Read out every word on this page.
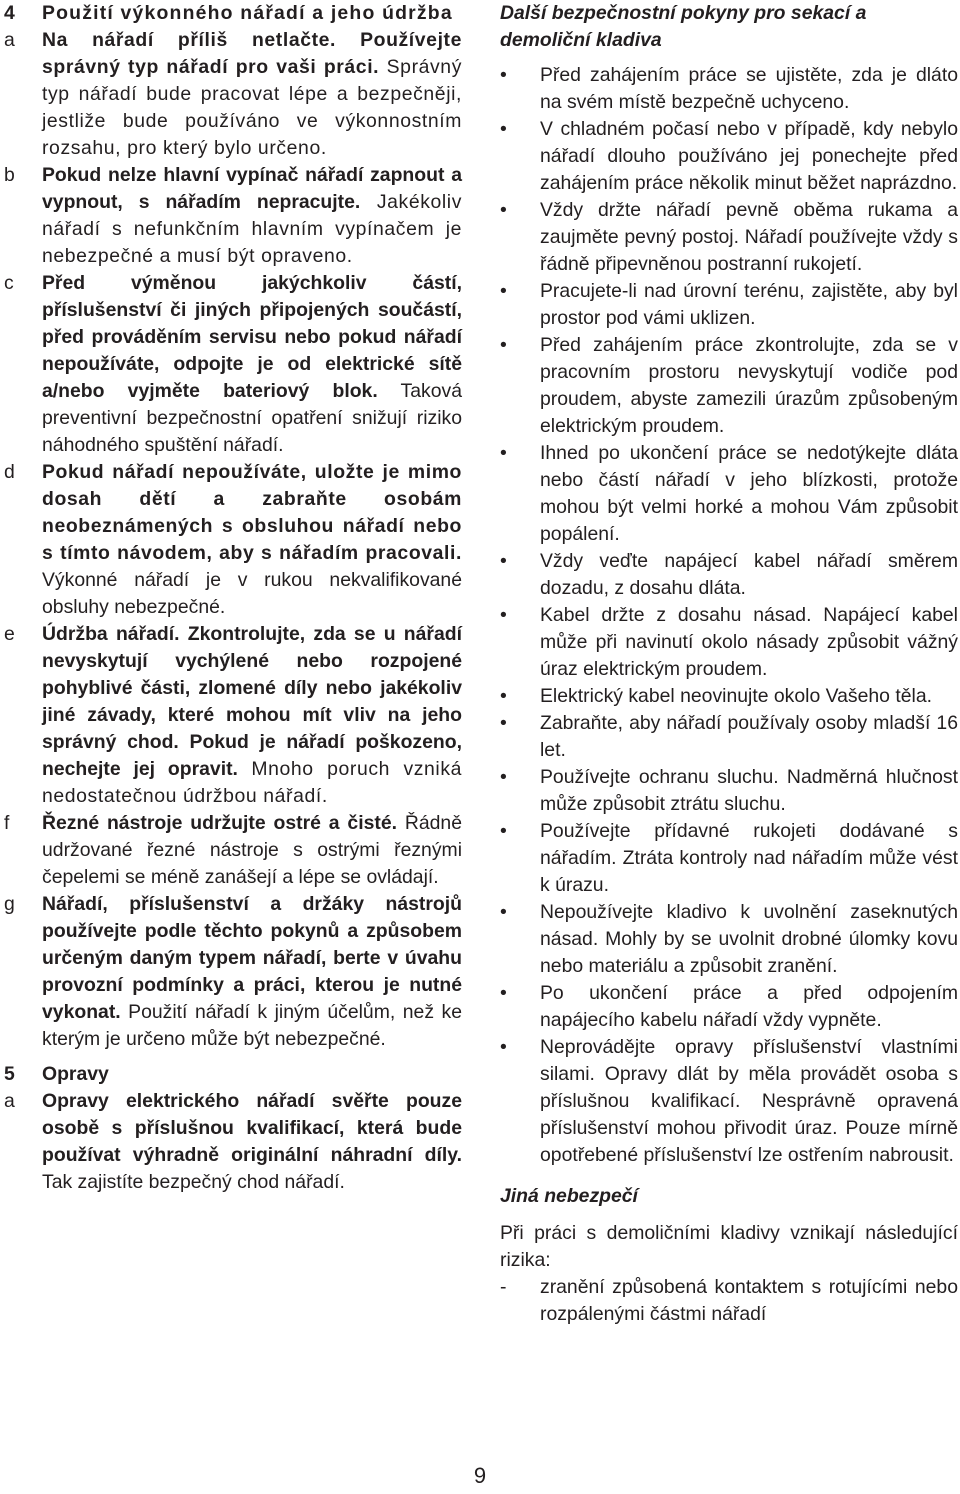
4	Použití výkonného nářadí a jeho údržba
a	Na nářadí příliš netlačte. Používejte správný typ nářadí pro vaši práci. Správný typ nářadí bude pracovat lépe a bezpečněji, jestliže bude používáno ve výkonnostním rozsahu, pro který bylo určeno.
b	Pokud nelze hlavní vypínač nářadí zapnout a vypnout, s nářadím nepracujte. Jakékoliv nářadí s nefunkčním hlavním vypínačem je nebezpečné a musí být opraveno.
c	Před výměnou jakýchkoliv částí, příslušenství či jiných připojených součástí, před prováděním servisu nebo pokud nářadí nepoužíváte, odpojte je od elektrické sítě a/nebo vyjměte bateriový blok. Taková preventivní bezpečnostní opatření snižují riziko náhodného spuštění nářadí.
d	Pokud nářadí nepoužíváte, uložte je mimo dosah dětí a zabraňte osobám neobeznámených s obsluhou nářadí nebo s tímto návodem, aby s nářadím pracovali. Výkonné nářadí je v rukou nekvalifikované obsluhy nebezpečné.
e	Údržba nářadí. Zkontrolujte, zda se u nářadí nevyskytují vychýlené nebo rozpojené pohyblivé části, zlomené díly nebo jakékoliv jiné závady, které mohou mít vliv na jeho správný chod. Pokud je nářadí poškozeno, nechejte jej opravit. Mnoho poruch vzniká nedostatečnou údržbou nářadí.
f	Řezné nástroje udržujte ostré a čisté. Řádně udržované řezné nástroje s ostrými řeznými čepelemi se méně zanášejí a lépe se ovládají.
g	Nářadí, příslušenství a držáky nástrojů používejte podle těchto pokynů a způsobem určeným daným typem nářadí, berte v úvahu provozní podmínky a práci, kterou je nutné vykonat. Použití nářadí k jiným účelům, než ke kterým je určeno může být nebezpečné.
5	Opravy
a	Opravy elektrického nářadí svěřte pouze osobě s příslušnou kvalifikací, která bude používat výhradně originální náhradní díly. Tak zajistíte bezpečný chod nářadí.
Další bezpečnostní pokyny pro sekací a demoliční kladiva
•	Před zahájením práce se ujistěte, zda je dláto na svém místě bezpečně uchyceno.
•	V chladném počasí nebo v případě, kdy nebylo nářadí dlouho používáno jej ponechejte před zahájením práce několik minut běžet naprázdno.
•	Vždy držte nářadí pevně oběma rukama a zaujměte pevný postoj. Nářadí používejte vždy s řádně připevněnou postranní rukojetí.
•	Pracujete-li nad úrovní terénu, zajistěte, aby byl prostor pod vámi uklizen.
•	Před zahájením práce zkontrolujte, zda se v pracovním prostoru nevyskytují vodiče pod proudem, abyste zamezili úrazům způsobeným elektrickým proudem.
•	Ihned po ukončení práce se nedotýkejte dláta nebo částí nářadí v jeho blízkosti, protože mohou být velmi horké a mohou Vám způsobit popálení.
•	Vždy veďte napájecí kabel nářadí směrem dozadu, z dosahu dláta.
•	Kabel držte z dosahu násad. Napájecí kabel může při navinutí okolo násady způsobit vážný úraz elektrickým proudem.
•	Elektrický kabel neovinujte okolo Vašeho těla.
•	Zabraňte, aby nářadí používaly osoby mladší 16 let.
•	Používejte ochranu sluchu. Nadměrná hlučnost může způsobit ztrátu sluchu.
•	Používejte přídavné rukojeti dodávané s nářadím. Ztráta kontroly nad nářadím může vést k úrazu.
•	Nepoužívejte kladivo k uvolnění zaseknutých násad. Mohly by se uvolnit drobné úlomky kovu nebo materiálu a způsobit zranění.
•	Po ukončení práce a před odpojením napájecího kabelu nářadí vždy vypněte.
•	Neprovádějte opravy příslušenství vlastními silami. Opravy dlát by měla provádět osoba s příslušnou kvalifikací. Nesprávně opravená příslušenství mohou přivodit úraz. Pouze mírně opotřebené příslušenství lze ostřením nabrousit.
Jiná nebezpečí

Při práci s demoličními kladivy vznikají následující rizika:

-	zranění způsobená kontaktem s rotujícími nebo rozpálenými částmi nářadí
9
